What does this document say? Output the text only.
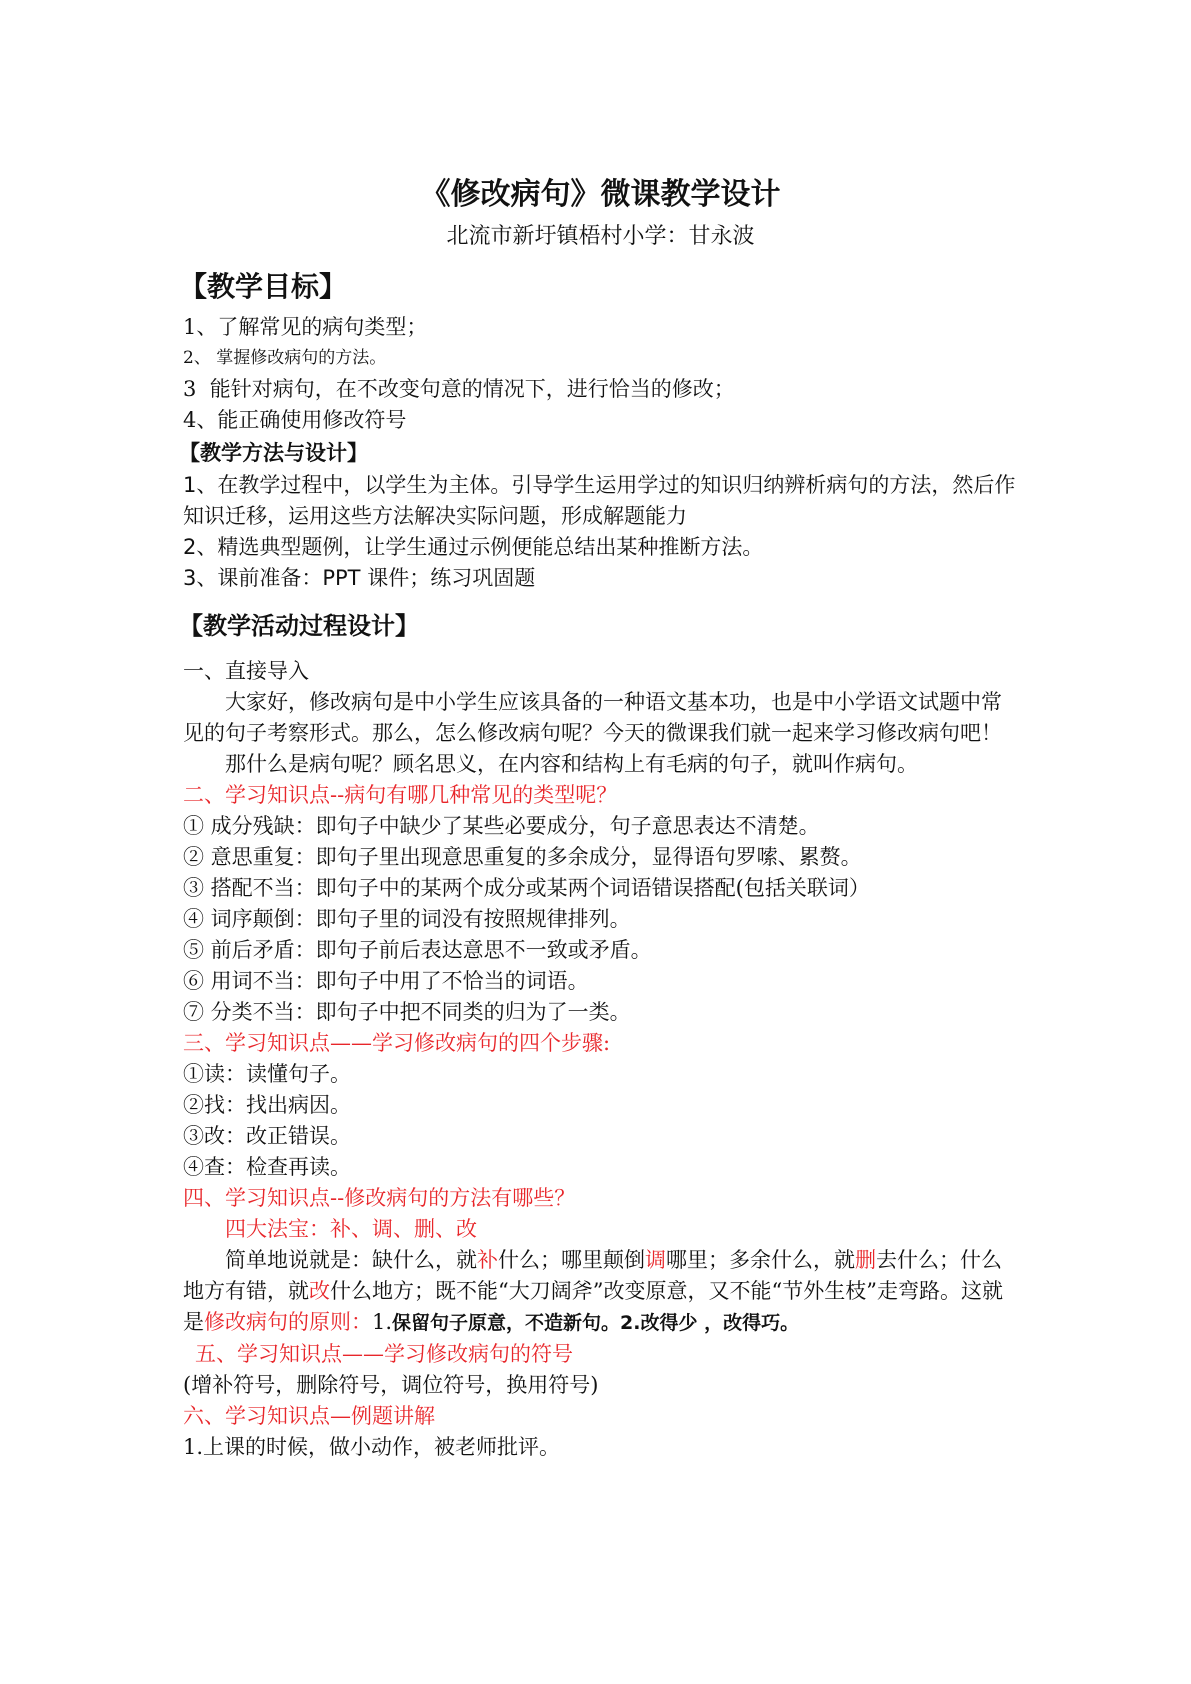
《修改病句》微课教学设计

北流市新圩镇梧村小学：甘永波

【教学目标】

1、了解常见的病句类型；

2、 掌握修改病句的方法。

3  能针对病句，在不改变句意的情况下，进行恰当的修改；

4、能正确使用修改符号

【教学方法与设计】

1、在教学过程中，以学生为主体。引导学生运用学过的知识归纳辨析病句的方法，然后作知识迁移，运用这些方法解决实际问题，形成解题能力

2、精选典型题例，让学生通过示例便能总结出某种推断方法。

3、课前准备：PPT 课件；练习巩固题

【教学活动过程设计】

一、直接导入

大家好，修改病句是中小学生应该具备的一种语文基本功，也是中小学语文试题中常见的句子考察形式。那么，怎么修改病句呢？今天的微课我们就一起来学习修改病句吧！

那什么是病句呢？顾名思义，在内容和结构上有毛病的句子，就叫作病句。

二、学习知识点--病句有哪几种常见的类型呢？

① 成分残缺：即句子中缺少了某些必要成分，句子意思表达不清楚。

② 意思重复：即句子里出现意思重复的多余成分，显得语句罗嗦、累赘。

③ 搭配不当：即句子中的某两个成分或某两个词语错误搭配(包括关联词）

④ 词序颠倒：即句子里的词没有按照规律排列。

⑤ 前后矛盾：即句子前后表达意思不一致或矛盾。

⑥ 用词不当：即句子中用了不恰当的词语。

⑦ 分类不当：即句子中把不同类的归为了一类。

三、学习知识点——学习修改病句的四个步骤:

①读：读懂句子。

②找：找出病因。

③改：改正错误。

④查：检查再读。

四、学习知识点--修改病句的方法有哪些？

四大法宝：补、调、删、改

简单地说就是：缺什么，就补什么；哪里颠倒调哪里；多余什么，就删去什么；什么地方有错，就改什么地方；既不能“大刀阔斧”改变原意，又不能“节外生枝”走弯路。这就是修改病句的原则：1.保留句子原意，不造新句。2.改得少 ，改得巧。

五、学习知识点——学习修改病句的符号

(增补符号，删除符号，调位符号，换用符号)

六、学习知识点—例题讲解

1.上课的时候，做小动作，被老师批评。
